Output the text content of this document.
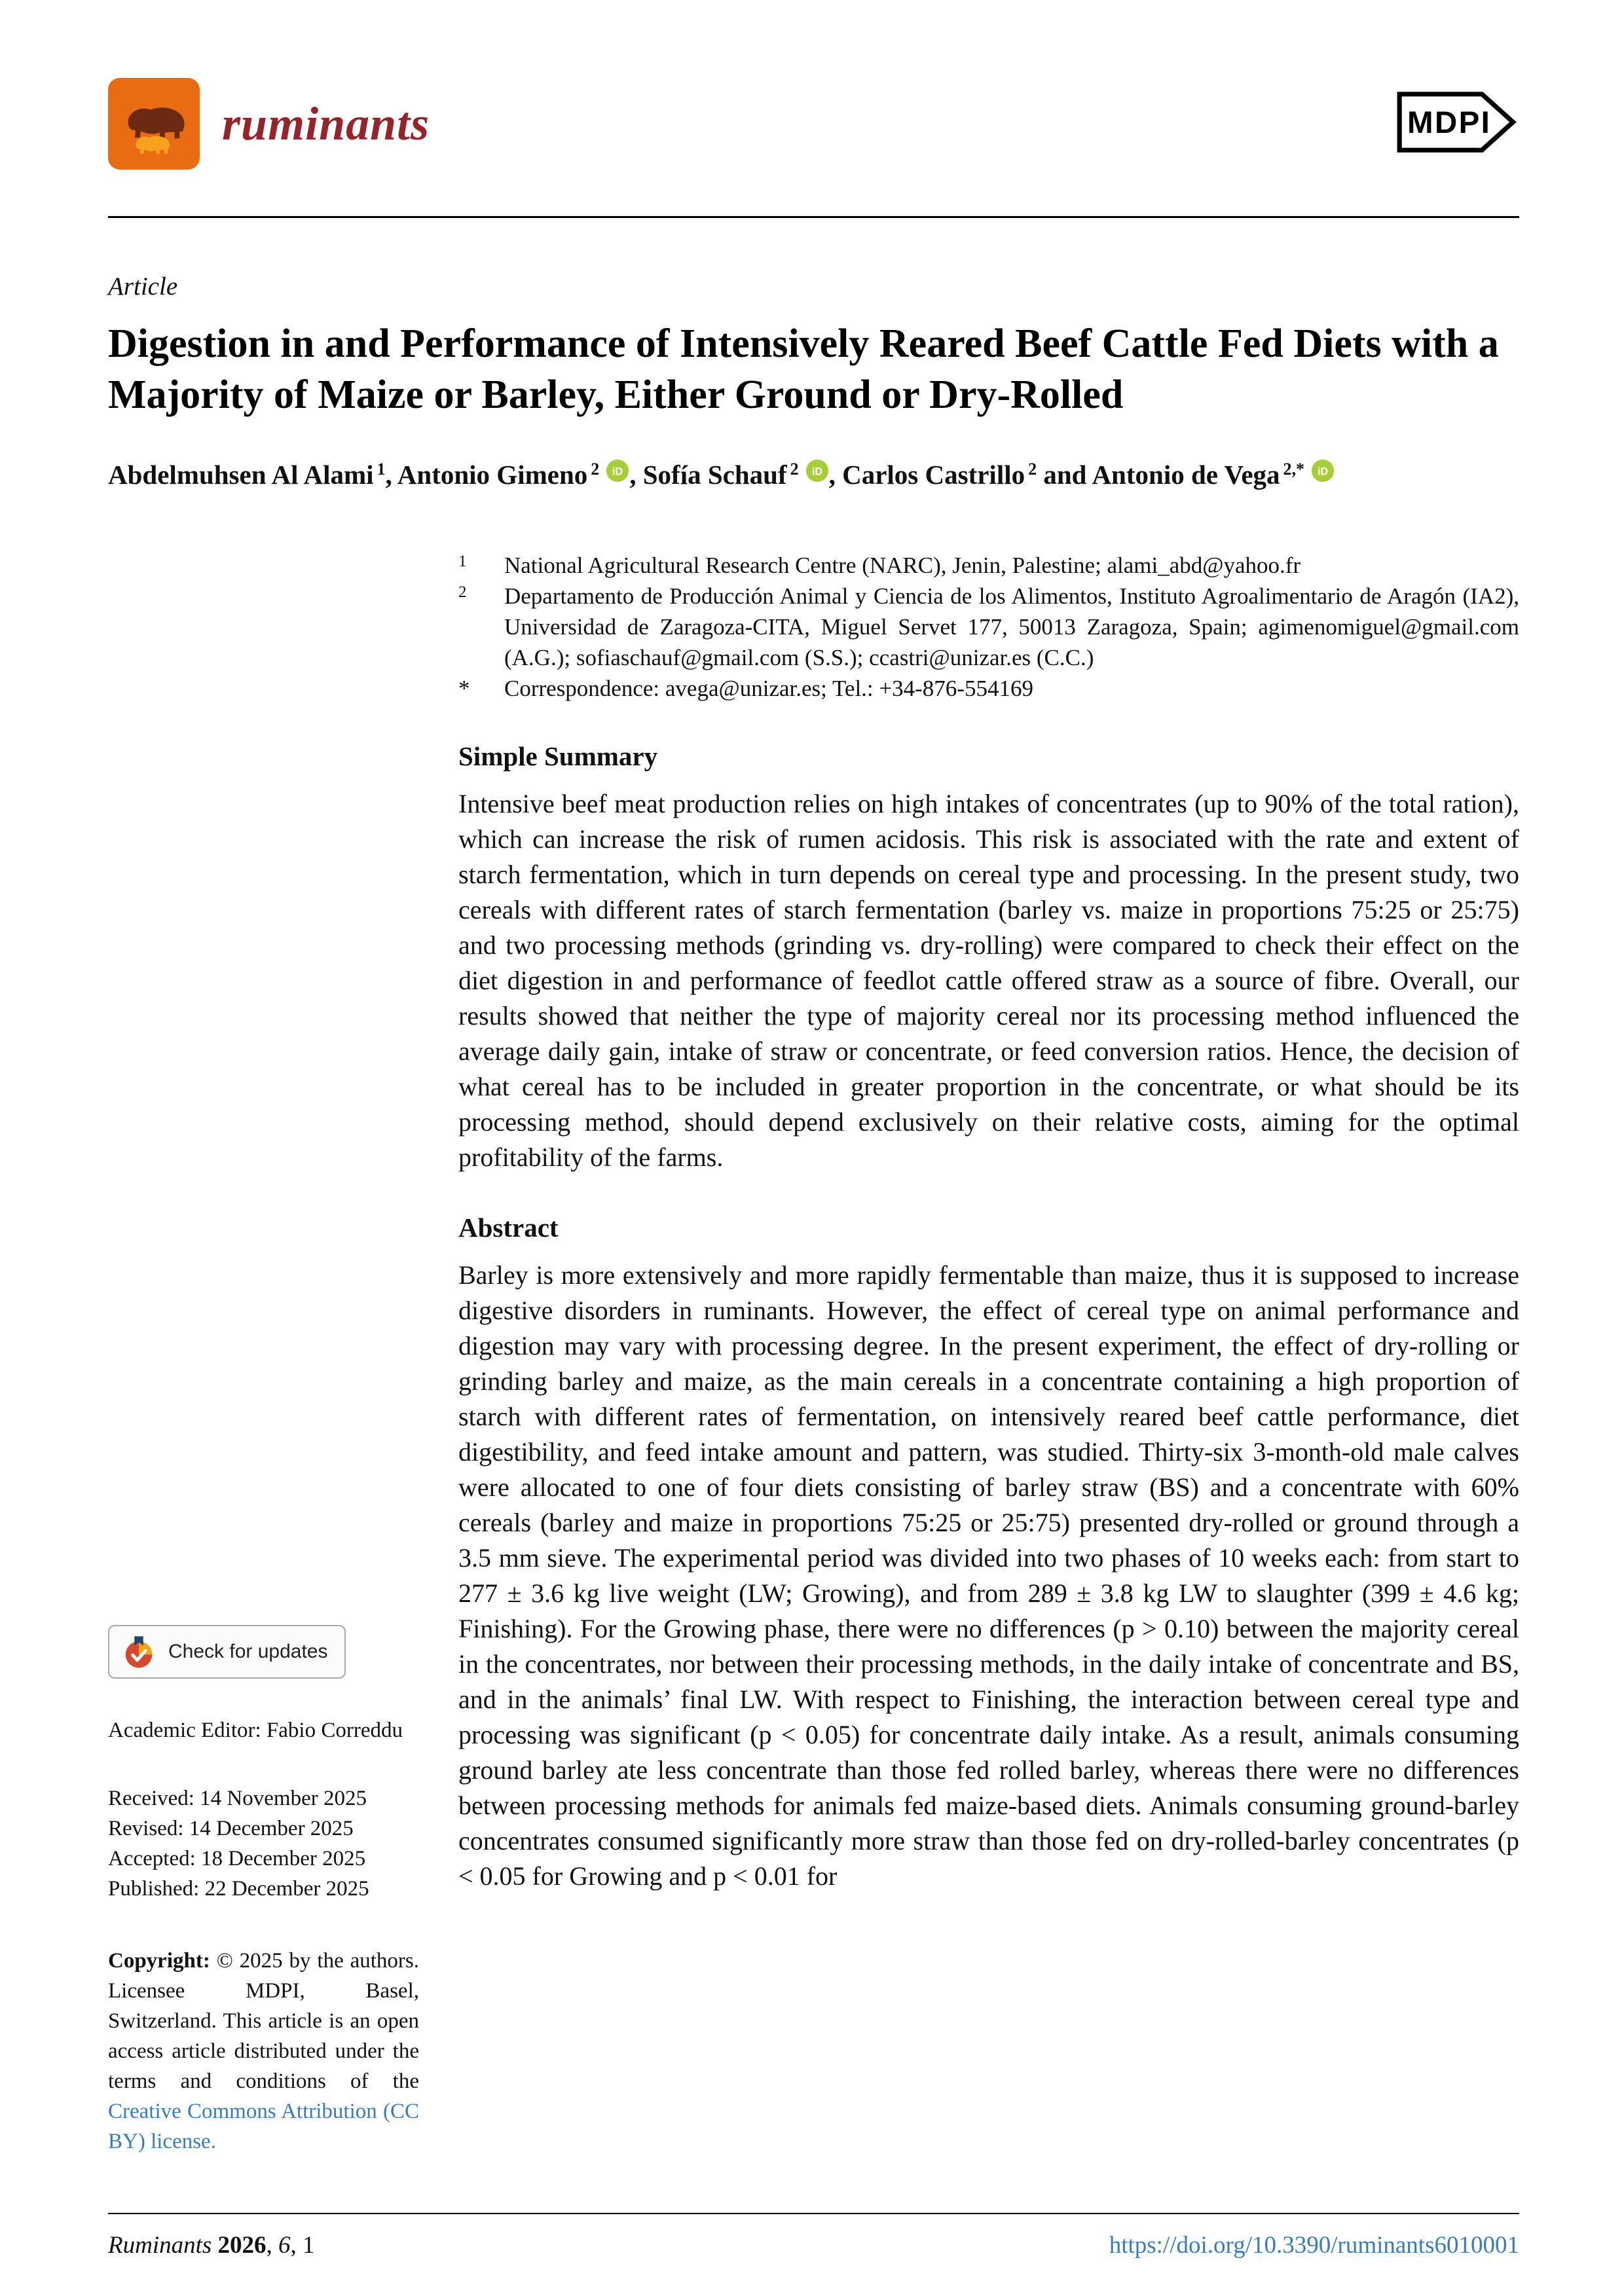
ruminants	MDPI
Article
Digestion in and Performance of Intensively Reared Beef Cattle Fed Diets with a Majority of Maize or Barley, Either Ground or Dry-Rolled
Abdelmuhsen Al Alami $^1$, Antonio Gimeno $^2$ iD , Sofía Schauf $^2$ iD , Carlos Castrillo $^2$ and Antonio de Vega $^{2,*}$ iD
Check for updates
Academic Editor: Fabio Correddu
Received: 14 November 2025
Revised: 14 December 2025
Accepted: 18 December 2025
Published: 22 December 2025
Copyright: © 2025 by the authors. Licensee MDPI, Basel, Switzerland. This article is an open access article distributed under the terms and conditions of the Creative Commons Attribution (CC BY) license.
1	National Agricultural Research Centre (NARC), Jenin, Palestine; alami_abd@yahoo.fr
2	Departamento de Producción Animal y Ciencia de los Alimentos, Instituto Agroalimentario de Aragón (IA2), Universidad de Zaragoza-CITA, Miguel Servet 177, 50013 Zaragoza, Spain; agimenomiguel@gmail.com (A.G.); sofiaschauf@gmail.com (S.S.); ccastri@unizar.es (C.C.)
*	Correspondence: avega@unizar.es; Tel.: +34-876-554169
Simple Summary

Intensive beef meat production relies on high intakes of concentrates (up to 90% of the total ration), which can increase the risk of rumen acidosis. This risk is associated with the rate and extent of starch fermentation, which in turn depends on cereal type and processing. In the present study, two cereals with different rates of starch fermentation (barley vs. maize in proportions 75:25 or 25:75) and two processing methods (grinding vs. dry-rolling) were compared to check their effect on the diet digestion in and performance of feedlot cattle offered straw as a source of fibre. Overall, our results showed that neither the type of majority cereal nor its processing method influenced the average daily gain, intake of straw or concentrate, or feed conversion ratios. Hence, the decision of what cereal has to be included in greater proportion in the concentrate, or what should be its processing method, should depend exclusively on their relative costs, aiming for the optimal profitability of the farms.

Abstract

Barley is more extensively and more rapidly fermentable than maize, thus it is supposed to increase digestive disorders in ruminants. However, the effect of cereal type on animal performance and digestion may vary with processing degree. In the present experiment, the effect of dry-rolling or grinding barley and maize, as the main cereals in a concentrate containing a high proportion of starch with different rates of fermentation, on intensively reared beef cattle performance, diet digestibility, and feed intake amount and pattern, was studied. Thirty-six 3-month-old male calves were allocated to one of four diets consisting of barley straw (BS) and a concentrate with 60% cereals (barley and maize in proportions 75:25 or 25:75) presented dry-rolled or ground through a 3.5 mm sieve. The experimental period was divided into two phases of 10 weeks each: from start to 277 ± 3.6 kg live weight (LW; Growing), and from 289 ± 3.8 kg LW to slaughter (399 ± 4.6 kg; Finishing). For the Growing phase, there were no differences (p > 0.10) between the majority cereal in the concentrates, nor between their processing methods, in the daily intake of concentrate and BS, and in the animals’ final LW. With respect to Finishing, the interaction between cereal type and processing was significant (p < 0.05) for concentrate daily intake. As a result, animals consuming ground barley ate less concentrate than those fed rolled barley, whereas there were no differences between processing methods for animals fed maize-based diets. Animals consuming ground-barley concentrates consumed significantly more straw than those fed on dry-rolled-barley concentrates (p < 0.05 for Growing and p < 0.01 for

Ruminants 2026, 6, 1	https://doi.org/10.3390/ruminants6010001
